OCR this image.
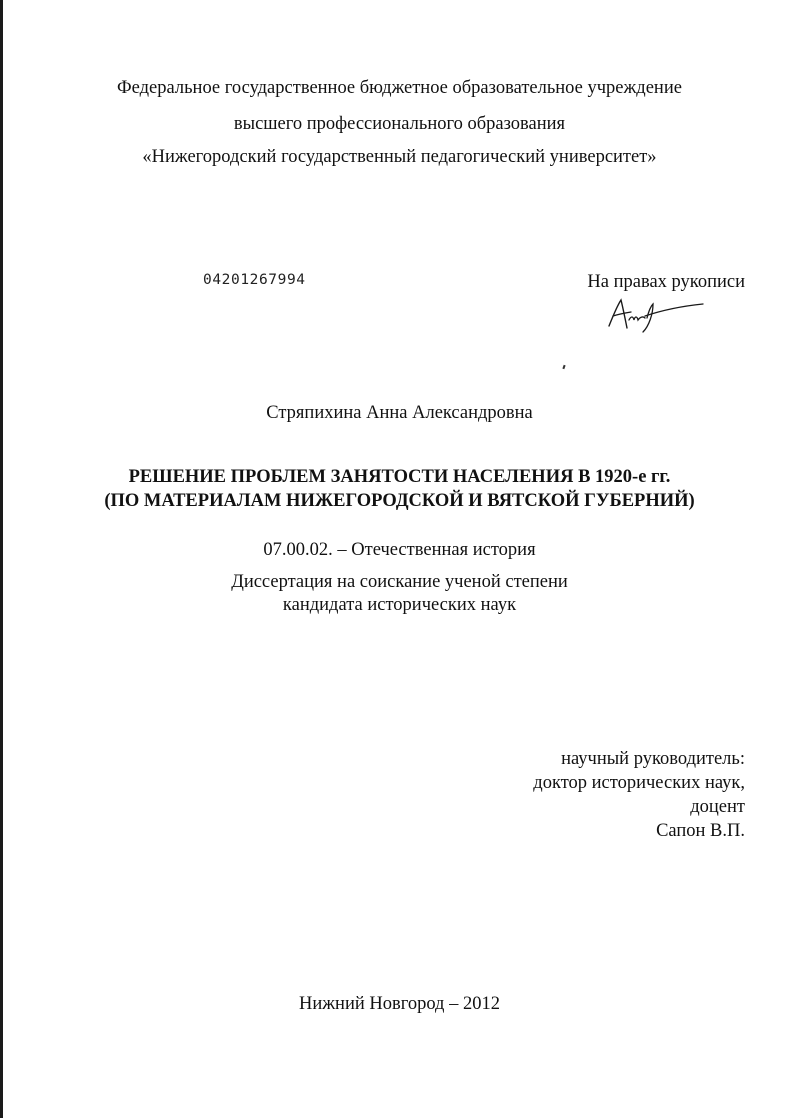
Федеральное государственное бюджетное образовательное учреждение
высшего профессионального образования
«Нижегородский государственный педагогический университет»
04201267994	На правах рукописи
Стряпихина Анна Александровна
РЕШЕНИЕ ПРОБЛЕМ ЗАНЯТОСТИ НАСЕЛЕНИЯ В 1920-е гг.
(ПО МАТЕРИАЛАМ НИЖЕГОРОДСКОЙ И ВЯТСКОЙ ГУБЕРНИЙ)
07.00.02. – Отечественная история
Диссертация на соискание ученой степени
кандидата исторических наук
научный руководитель:
доктор исторических наук,
доцент
Сапон В.П.
Нижний Новгород – 2012
